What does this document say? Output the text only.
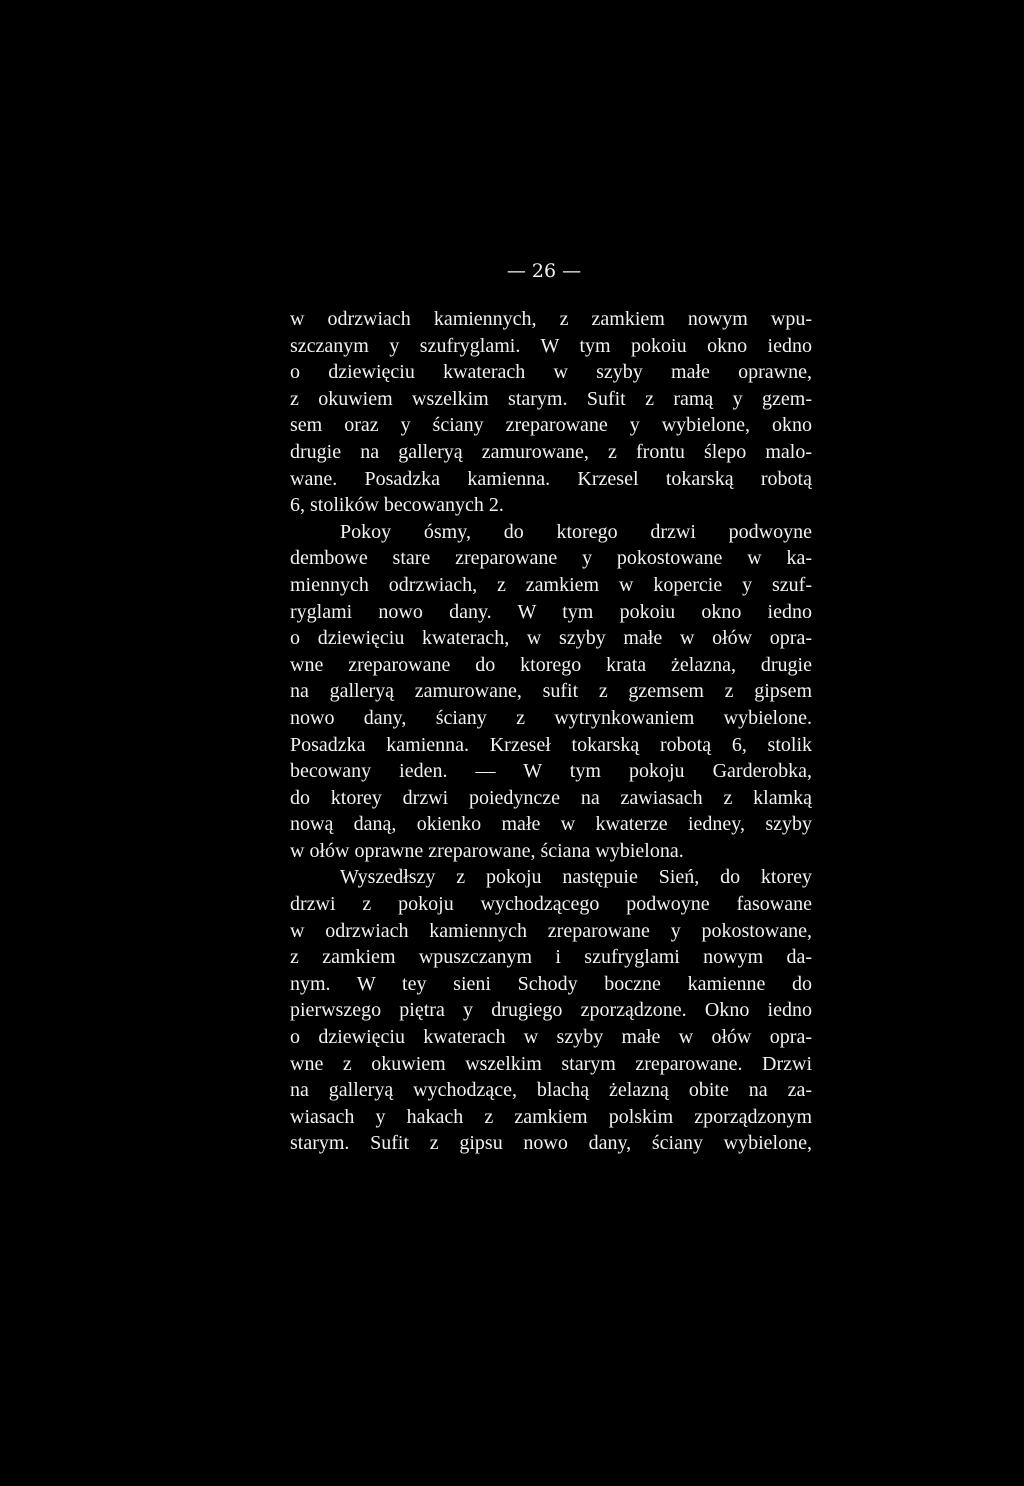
— 26 —
w odrzwiach kamiennych, z zamkiem nowym wpu-
szczanym y szufryglami. W tym pokoiu okno iedno
o dziewięciu kwaterach w szyby małe oprawne,
z okuwiem wszelkim starym. Sufit z ramą y gzem-
sem oraz y ściany zreparowane y wybielone, okno
drugie na galleryą zamurowane, z frontu ślepo malo-
wane. Posadzka kamienna. Krzesel tokarską robotą
6, stolików becowanych 2.
Pokoy ósmy, do ktorego drzwi podwoyne
dembowe stare zreparowane y pokostowane w ka-
miennych odrzwiach, z zamkiem w kopercie y szuf-
ryglami nowo dany. W tym pokoiu okno iedno
o dziewięciu kwaterach, w szyby małe w ołów opra-
wne zreparowane do ktorego krata żelazna, drugie
na galleryą zamurowane, sufit z gzemsem z gipsem
nowo dany, ściany z wytrynkowaniem wybielone.
Posadzka kamienna. Krzeseł tokarską robotą 6, stolik
becowany ieden. — W tym pokoju Garderobka,
do ktorey drzwi poiedyncze na zawiasach z klamką
nową daną, okienko małe w kwaterze iedney, szyby
w ołów oprawne zreparowane, ściana wybielona.
Wyszedłszy z pokoju następuie Sień, do ktorey
drzwi z pokoju wychodzącego podwoyne fasowane
w odrzwiach kamiennych zreparowane y pokostowane,
z zamkiem wpuszczanym i szufryglami nowym da-
nym. W tey sieni Schody boczne kamienne do
pierwszego piętra y drugiego zporządzone. Okno iedno
o dziewięciu kwaterach w szyby małe w ołów opra-
wne z okuwiem wszelkim starym zreparowane. Drzwi
na galleryą wychodzące, blachą żelazną obite na za-
wiasach y hakach z zamkiem polskim zporządzonym
starym. Sufit z gipsu nowo dany, ściany wybielone,
